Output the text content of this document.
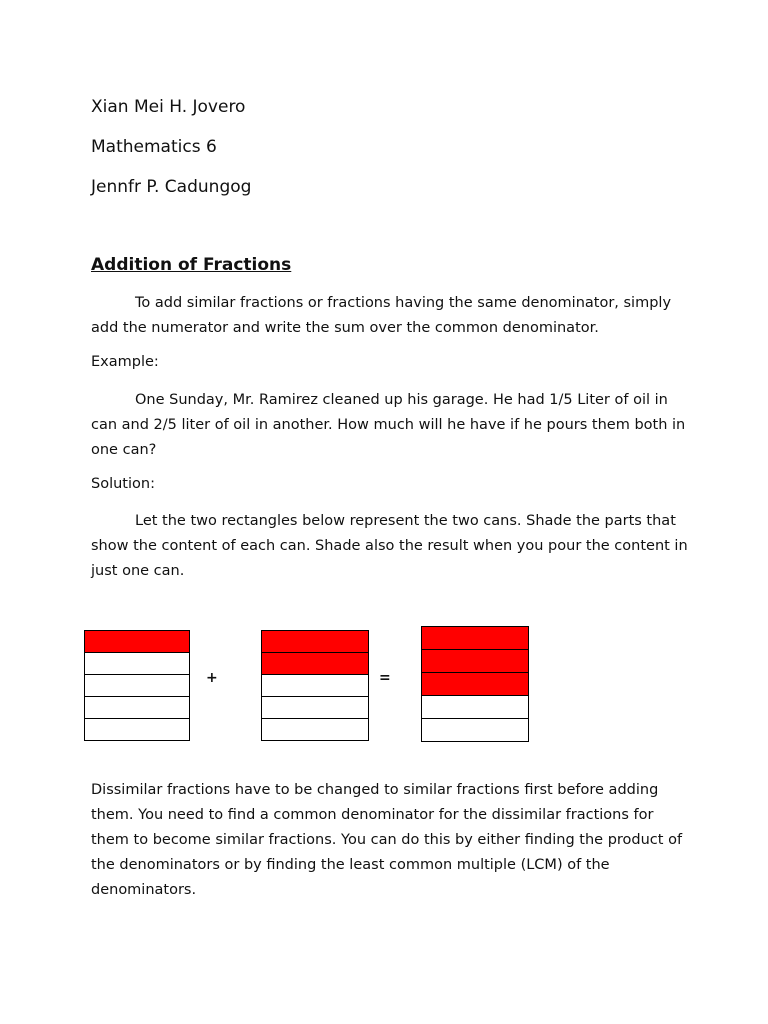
Xian Mei H. Jovero

Mathematics 6

Jennfr P. Cadungog

Addition of Fractions

To add similar fractions or fractions having the same denominator, simply add the numerator and write the sum over the common denominator.

Example:

One Sunday, Mr. Ramirez cleaned up his garage. He had 1/5 Liter of oil in can and 2/5 liter of oil in another. How much will he have if he pours them both in one can?

Solution:

Let the two rectangles below represent the two cans. Shade the parts that show the content of each can. Shade also the result when you pour the content in just one can.

+	=

Dissimilar fractions have to be changed to similar fractions first before adding them. You need to find a common denominator for the dissimilar fractions for them to become similar fractions. You can do this by either finding the product of the denominators or by finding the least common multiple (LCM) of the denominators.
